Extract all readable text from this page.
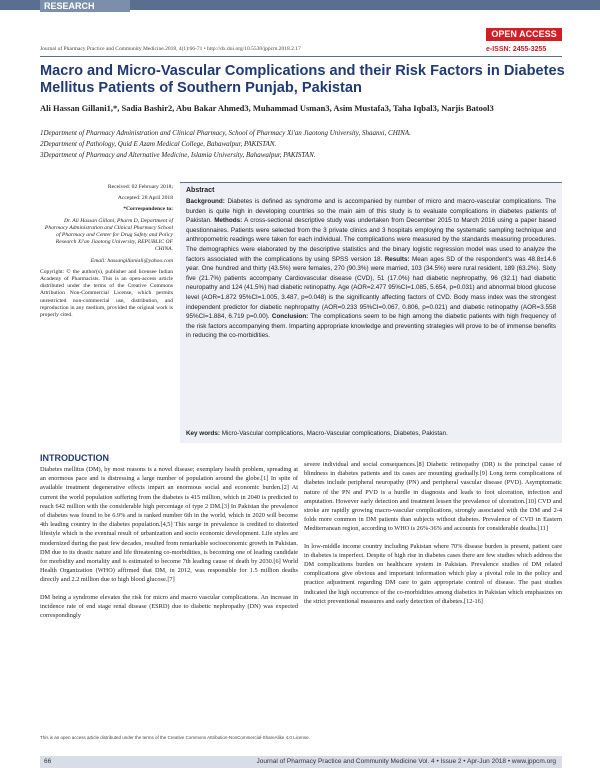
RESEARCH ARTICLE
OPEN ACCESS
Journal of Pharmacy Practice and Community Medicine.2018, 4(1):66-71 • http://dx.doi.org/10.5530/jppcm.2018.2.17	e-ISSN: 2455-3255
Macro and Micro-Vascular Complications and their Risk Factors in Diabetes Mellitus Patients of Southern Punjab, Pakistan
Ali Hassan Gillani1,*, Sadia Bashir2, Abu Bakar Ahmed3, Muhammad Usman3, Asim Mustafa3, Taha Iqbal3, Narjis Batool3
1Department of Pharmacy Administration and Clinical Pharmacy, School of Pharmacy Xi'an Jiaotong University, Shaanxi, CHINA.
2Department of Pathology, Quid E Azam Medical College, Bahawalpur, PAKISTAN.
3Department of Pharmacy and Alternative Medicine, Islamia University, Bahawalpur, PAKISTAN.

Received: 02 February 2018;

Accepted: 28 April 2018

*Correspondence to:

Dr. Ali Hassan Gillani, Pharm D, Department of Pharmacy Administration and Clinical Pharmacy School of Pharmacy and Center for Drug Safety and Policy Research Xi'an Jiaotong University, REPUBLIC OF CHINA.

Email: hassangillaniali@yahoo.com

Copyright: © the author(s), publisher and licensee Indian Academy of Pharmacists. This is an open-access article distributed under the terms of the Creative Commons Attribution Non-Commercial License, which permits unrestricted non-commercial use, distribution, and reproduction in any medium, provided the original work is properly cited.

Abstract
Background: Diabetes is defined as syndrome and is accompanied by number of micro and macro-vascular complications. The burden is quite high in developing countries so the main aim of this study is to evaluate complications in diabetes patients of Pakistan. Methods: A cross-sectional descriptive study was undertaken from December 2015 to March 2016 using a paper based questionnaires. Patients were selected from the 3 private clinics and 3 hospitals employing the systematic sampling technique and anthropometric readings were taken for each individual. The complications were measured by the standards measuring procedures. The demographics were elaborated by the descriptive statistics and the binary logistic regression model was used to analyze the factors associated with the complications by using SPSS version 18. Results: Mean ages SD of the respondent's was 48.8±14.6 year. One hundred and thirty (43.5%) were females, 270 (90.3%) were married, 103 (34.5%) were rural resident, 189 (63.2%). Sixty five (21.7%) patients accompany Cardiovascular disease (CVD), 51 (17.0%) had diabetic nephropathy, 96 (32.1) had diabetic neuropathy and 124 (41.5%) had diabetic retinopathy. Age (AOR=2.477 95%CI=1.085, 5.654, p=0.031) and abnormal blood glucose level (AOR=1.872 95%CI=1.005, 3.487, p=0.048) is the significantly affecting factors of CVD. Body mass index was the strongest independent predictor for diabetic nephropathy (AOR=0.233 95%CI=0.067, 0.806, p=0.021) and diabetic retinopathy (AOR=3.558 95%CI=1.884, 6.719 p=0.00). Conclusion: The complications seem to be high among the diabetic patients with high frequency of the risk factors accompanying them. Imparting appropriate knowledge and preventing strategies will prove to be of immense benefits in reducing the co-morbidities.
Key words: Micro-Vascular complications, Macro-Vascular complications, Diabetes, Pakistan.
INTRODUCTION

Diabetes mellitus (DM), by most reasons is a novel disease; exemplary health problem, spreading at an enormous pace and is distressing a large number of population around the globe.[1] In spite of available treatment degenerative effects impart an enormous social and economic burden.[2] At current the world population suffering from the diabetes is 415 million, which in 2040 is predicted to reach 642 million with the considerable high percentage of type 2 DM.[3] In Pakistan the prevalence of diabetes was found to be 6.9% and is ranked number 6th in the world, which in 2020 will become 4th leading country in the diabetes population.[4,5] This surge in prevalence is credited to distorted lifestyle which is the eventual result of urbanization and socio economic development. Life styles are modernized during the past few decades, resulted from remarkable socioeconomic growth in Pakistan. DM due to its drastic nature and life threatening co-morbidities, is becoming one of leading candidate for morbidity and mortality and is estimated to become 7th leading cause of death by 2030.[6] World Health Organization (WHO) affirmed that DM, in 2012, was responsible for 1.5 million deaths directly and 2.2 million due to high blood glucose.[7]

DM being a syndrome elevates the risk for micro and macro vascular complications. An increase in incidence rate of end stage renal disease (ESRD) due to diabetic nephropathy (DN) was expected correspondingly

severe individual and social consequences.[8] Diabetic retinopathy (DR) is the principal cause of blindness in diabetes patients and its cases are mounting gradually.[9] Long term complications of diabetes include peripheral neuropathy (PN) and peripheral vascular disease (PVD). Asymptomatic nature of the PN and PVD is a hurdle in diagnosis and leads to foot ulceration, infection and amputation. However early detection and treatment lessen the prevalence of ulceration.[10] CVD and stroke are rapidly growing macro-vascular complications, strongly associated with the DM and 2-4 folds more common in DM patients than subjects without diabetes. Prevalence of CVD in Eastern Mediterranean region, according to WHO is 26%-36% and accounts for considerable deaths.[11]

In low-middle income country including Pakistan where 70% disease burden is present, patient care in diabetes is imperfect. Despite of high rise in diabetes cases there are few studies which address the DM complications burden on healthcare system in Pakistan. Prevalence studies of DM related complications give obvious and important information which play a pivotal role in the policy and practice adjustment regarding DM care to gain appropriate control of disease. The past studies indicated the high occurrence of the co-morbidities among diabetics in Pakistan which emphasizes on the strict preventional measures and early detection of diabetes.[12-16]

This is an open access article distributed under the terms of the Creative Commons Attribution-NonCommercial-ShareAlike 4.0 License.
66	Journal of Pharmacy Practice and Community Medicine Vol. 4 • Issue 2 • Apr-Jun 2018 • www.jppcm.org
